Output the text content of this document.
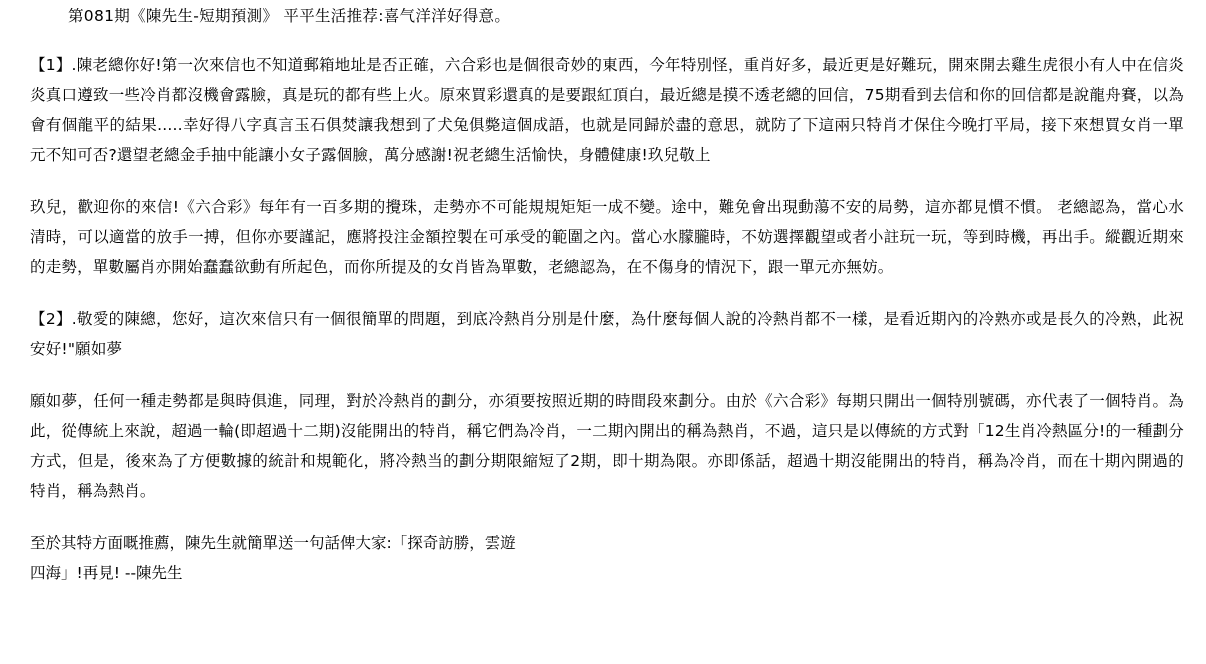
第081期《陳先生-短期預測》 平平生活推荐:喜气洋洋好得意。
【1】.陳老總你好!第一次來信也不知道郵箱地址是否正確，六合彩也是個很奇妙的東西，今年特別怪，重肖好多，最近更是好難玩，開來開去雞生虎很小有人中在信炎炎真口遵致一些冷肖都沒機會露臉，真是玩的都有些上火。原來買彩還真的是要跟紅頂白，最近總是摸不透老總的回信，75期看到去信和你的回信都是說龍舟賽，以為會有個龍平的結果.....幸好得八字真言玉石俱焚讓我想到了犬兔俱斃這個成語，也就是同歸於盡的意思，就防了下這兩只特肖才保住今晚打平局，接下來想買女肖一單元不知可否?還望老總金手抽中能讓小女子露個臉，萬分感謝!祝老總生活愉快，身體健康!玖兒敬上
玖兒，歡迎你的來信!《六合彩》每年有一百多期的攪珠，走勢亦不可能規規矩矩一成不變。途中，難免會出現動蕩不安的局勢，這亦都見慣不慣。 老總認為，當心水清時，可以適當的放手一搏，但你亦要謹記，應將投注金額控製在可承受的範圍之內。當心水朦朧時，不妨選擇觀望或者小註玩一玩，等到時機，再出手。縱觀近期來的走勢，單數屬肖亦開始蠢蠢欲動有所起色，而你所提及的女肖皆為單數，老總認為，在不傷身的情況下，跟一單元亦無妨。
【2】.敬愛的陳總，您好，這次來信只有一個很簡單的問題，到底冷熱肖分別是什麼，為什麼每個人說的冷熱肖都不一樣，是看近期內的冷熟亦或是長久的冷熟，此祝安好!"願如夢
願如夢，任何一種走勢都是與時俱進，同理，對於冷熱肖的劃分，亦須要按照近期的時間段來劃分。由於《六合彩》每期只開出一個特別號碼，亦代表了一個特肖。為此，從傳統上來說，超過一輪(即超過十二期)沒能開出的特肖，稱它們為冷肖，一二期內開出的稱為熱肖，不過，這只是以傳統的方式對「12生肖冷熱區分!的一種劃分方式，但是，後來為了方便數據的統計和規範化，將冷熱当的劃分期限縮短了2期，即十期為限。亦即係話，超過十期沒能開出的特肖，稱為冷肖，而在十期內開過的特肖，稱為熱肖。
至於其特方面嘅推薦，陳先生就簡單送一句話俾大家:「探奇訪勝，雲遊
四海」!再見! --陳先生
